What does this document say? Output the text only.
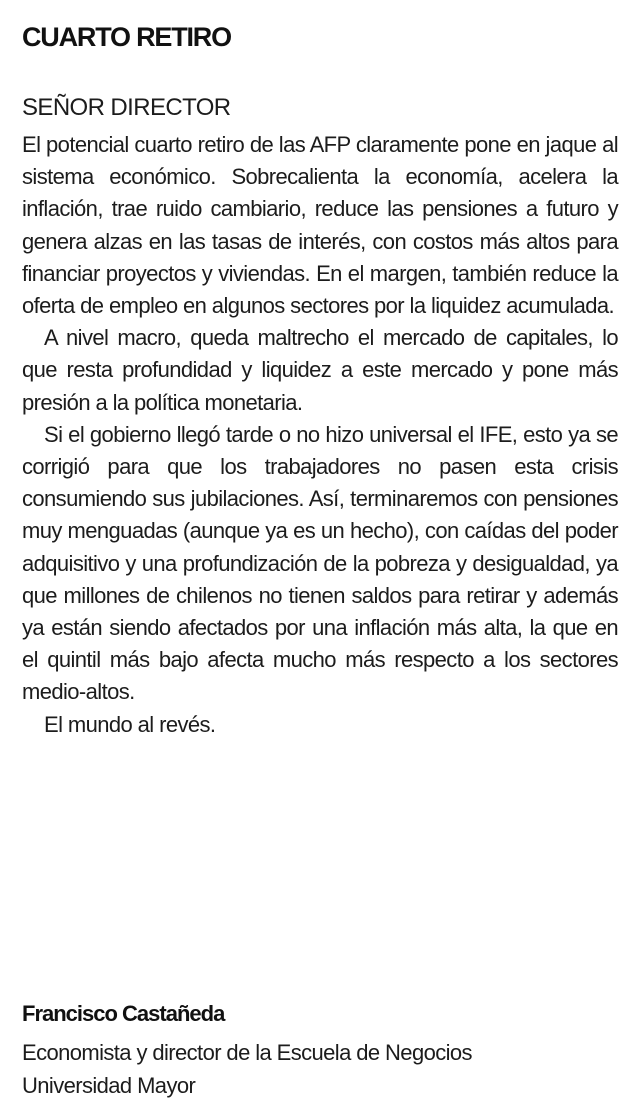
CUARTO RETIRO
SEÑOR DIRECTOR

El potencial cuarto retiro de las AFP claramente pone en jaque al sistema económico. Sobrecalienta la economía, acelera la inflación, trae ruido cambiario, reduce las pensiones a futuro y genera alzas en las tasas de interés, con costos más altos para financiar proyectos y viviendas. En el margen, también reduce la oferta de empleo en algunos sectores por la liquidez acumulada.

A nivel macro, queda maltrecho el mercado de capitales, lo que resta profundidad y liquidez a este mercado y pone más presión a la política monetaria.

Si el gobierno llegó tarde o no hizo universal el IFE, esto ya se corrigió para que los trabajadores no pasen esta crisis consumiendo sus jubilaciones. Así, terminaremos con pensiones muy menguadas (aunque ya es un hecho), con caídas del poder adquisitivo y una profundización de la pobreza y desigualdad, ya que millones de chilenos no tienen saldos para retirar y además ya están siendo afectados por una inflación más alta, la que en el quintil más bajo afecta mucho más respecto a los sectores medio-altos.

El mundo al revés.

Francisco Castañeda
Economista y director de la Escuela de Negocios
Universidad Mayor
